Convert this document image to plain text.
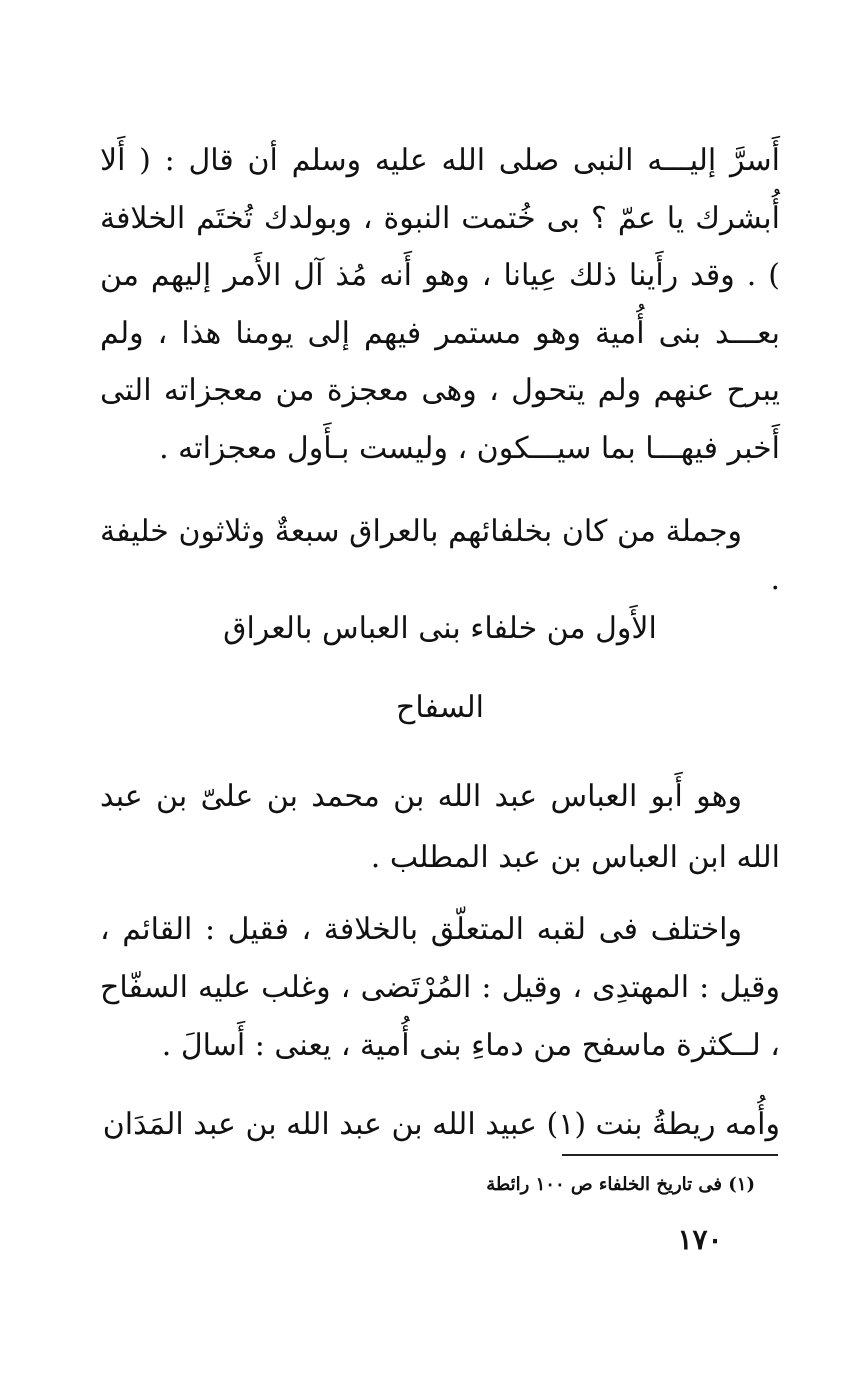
أَسرَّ إليـــه النبى صلى الله عليه وسلم أن قال : ( أَلا أُبشرك يا عمّ ؟ بى خُتمت النبوة ، وبولدك تُختَم الخلافة ) . وقد رأَينا ذلك عِيانا ، وهو أَنه مُذ آل الأَمر إليهم من بعـــد بنى أُمية وهو مستمر فيهم إلى يومنا هذا ، ولم يبرح عنهم ولم يتحول ، وهى معجزة من معجزاته التى أَخبر فيهـــا بما سيـــكون ، وليست بـأَول معجزاته .

وجملة من كان بخلفائهم بالعراق سبعةٌ وثلاثون خليفة .

الأَول من خلفاء بنى العباس بالعراق
السفاح

وهو أَبو العباس عبد الله بن محمد بن علىّ بن عبد الله ابن العباس بن عبد المطلب .

واختلف فى لقبه المتعلّق بالخلافة ، فقيل : القائم ، وقيل : المهتدِى ، وقيل : المُرْتَضى ، وغلب عليه السفّاح ، لــكثرة ماسفح من دماءِ بنى أُمية ، يعنى : أَسالَ .

وأُمه ريطةُ بنت (١) عبيد الله بن عبد الله بن عبد المَدَان

(١) فى تاريخ الخلفاء ص ١٠٠ رائطة
١٧٠
